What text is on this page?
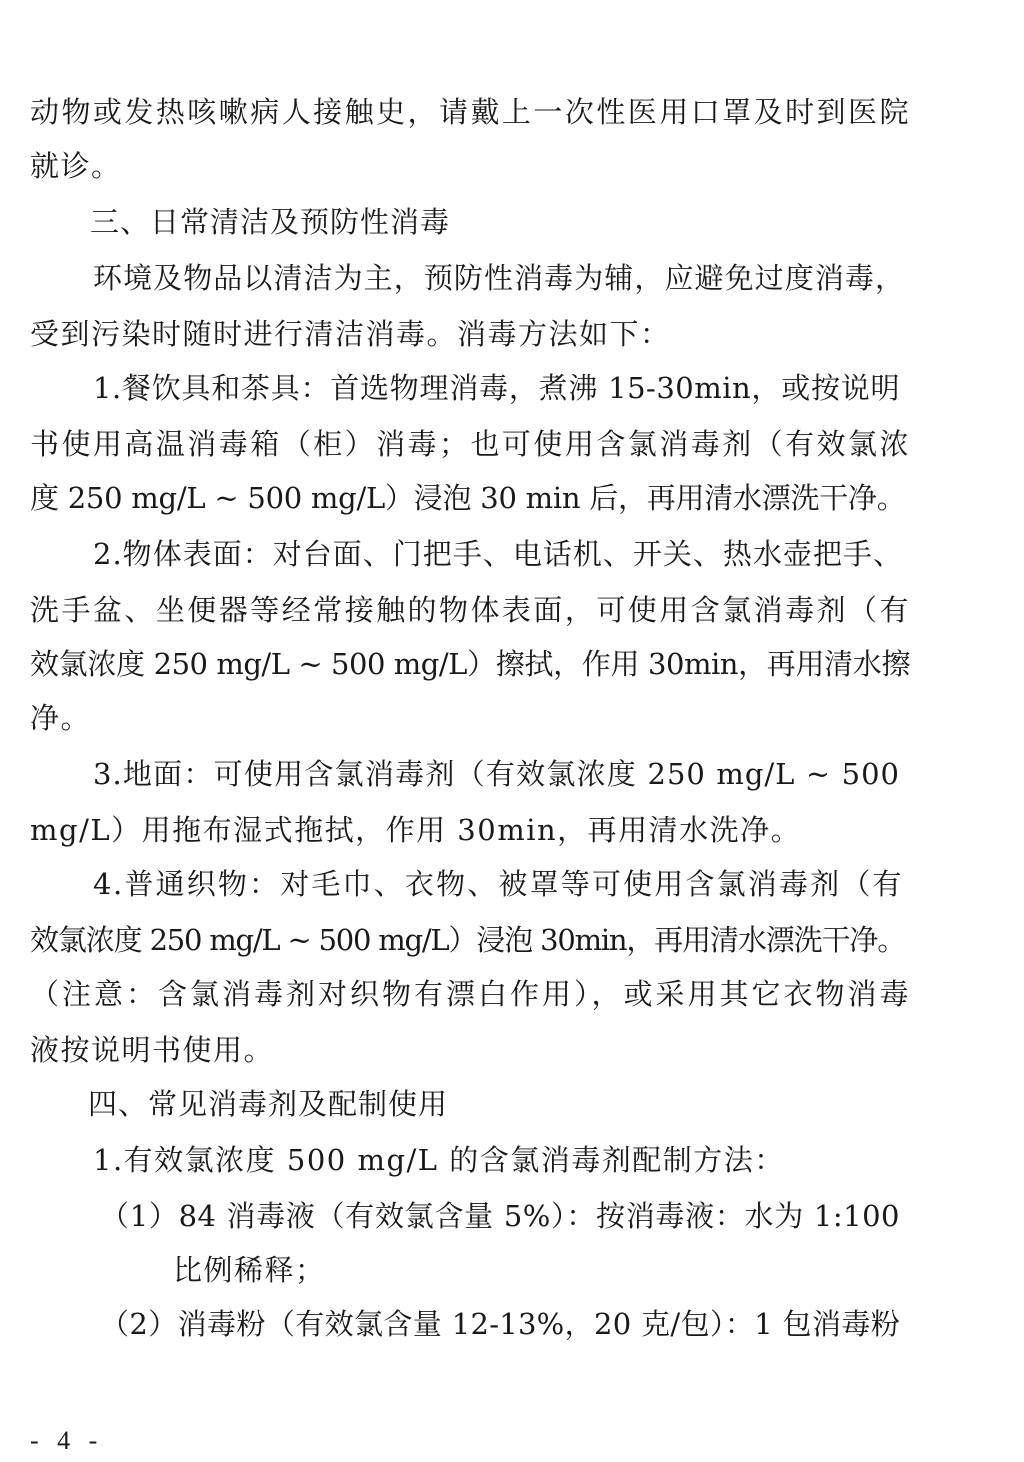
动物或发热咳嗽病人接触史，请戴上一次性医用口罩及时到医院
就诊。
三、日常清洁及预防性消毒
环境及物品以清洁为主，预防性消毒为辅，应避免过度消毒，
受到污染时随时进行清洁消毒。消毒方法如下：
1.餐饮具和茶具：首选物理消毒，煮沸 15-30min，或按说明
书使用高温消毒箱（柜）消毒；也可使用含氯消毒剂（有效氯浓
度 250 mg/L ~ 500 mg/L）浸泡 30 min 后，再用清水漂洗干净。
2.物体表面：对台面、门把手、电话机、开关、热水壶把手、
洗手盆、坐便器等经常接触的物体表面，可使用含氯消毒剂（有
效氯浓度 250 mg/L ~ 500 mg/L）擦拭，作用 30min，再用清水擦
净。
3.地面：可使用含氯消毒剂（有效氯浓度 250 mg/L ~ 500
mg/L）用拖布湿式拖拭，作用 30min，再用清水洗净。
4.普通织物：对毛巾、衣物、被罩等可使用含氯消毒剂（有
效氯浓度 250 mg/L ~ 500 mg/L）浸泡 30min，再用清水漂洗干净。
（注意：含氯消毒剂对织物有漂白作用），或采用其它衣物消毒
液按说明书使用。
四、常见消毒剂及配制使用
1.有效氯浓度 500 mg/L 的含氯消毒剂配制方法：
（1）84 消毒液（有效氯含量 5%）：按消毒液：水为 1:100
比例稀释；
（2）消毒粉（有效氯含量 12-13%，20 克/包）：1 包消毒粉
- 4 -
